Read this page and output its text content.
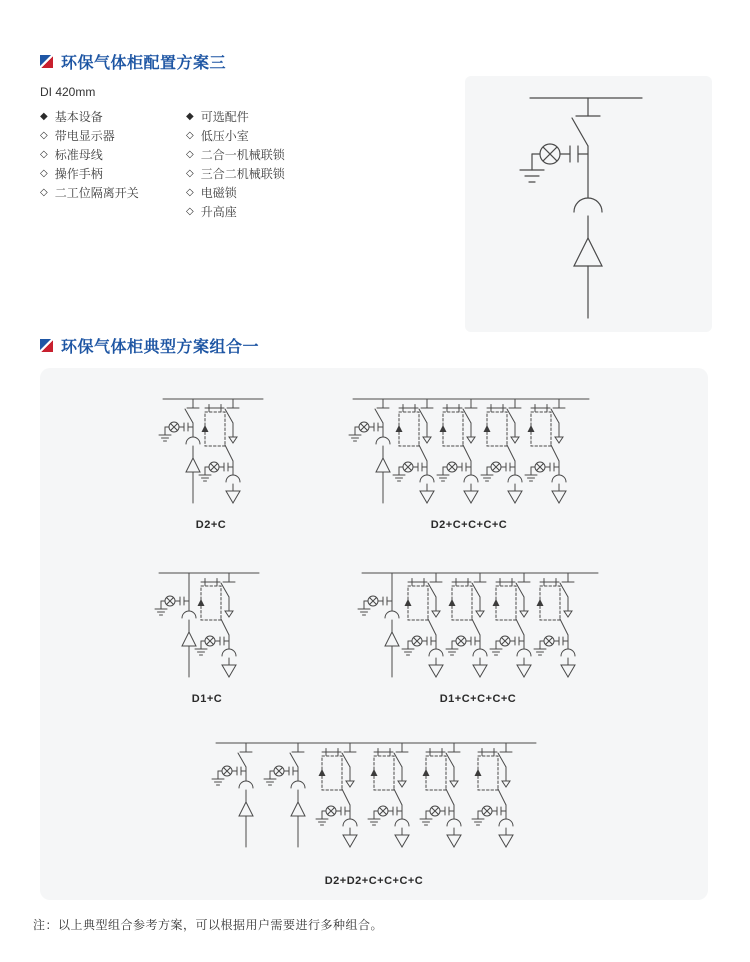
环保气体柜配置方案三
DI 420mm
◆ 基本设备
◇ 带电显示器
◇ 标准母线
◇ 操作手柄
◇ 二工位隔离开关
◆ 可选配件
◇ 低压小室
◇ 二合一机械联锁
◇ 三合二机械联锁
◇ 电磁锁
◇ 升高座
环保气体柜典型方案组合一
D2+C	D2+C+C+C+C
D1+C	D1+C+C+C+C
D2+D2+C+C+C+C
注：以上典型组合参考方案，可以根据用户需要进行多种组合。
